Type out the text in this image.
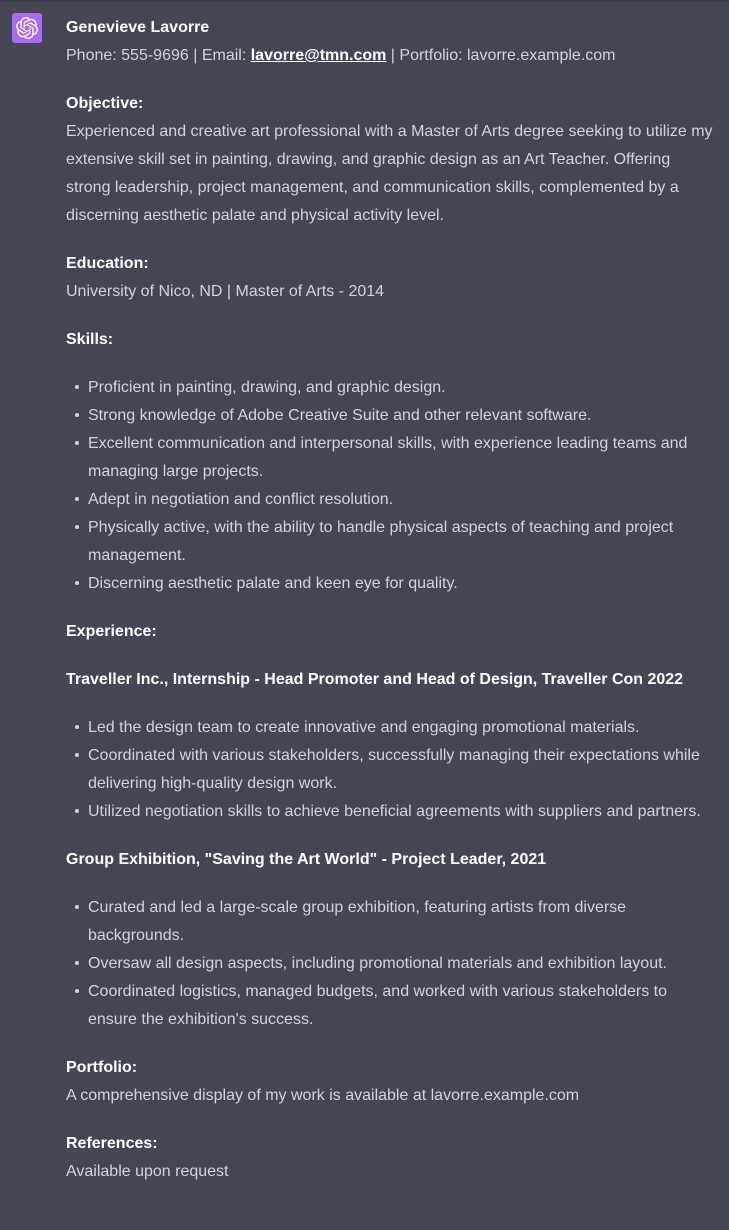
Genevieve Lavorre
Phone: 555-9696 | Email: lavorre@tmn.com | Portfolio: lavorre.example.com

Objective:
Experienced and creative art professional with a Master of Arts degree seeking to utilize my extensive skill set in painting, drawing, and graphic design as an Art Teacher. Offering strong leadership, project management, and communication skills, complemented by a discerning aesthetic palate and physical activity level.

Education:
University of Nico, ND | Master of Arts - 2014

Skills:

Proficient in painting, drawing, and graphic design.
Strong knowledge of Adobe Creative Suite and other relevant software.
Excellent communication and interpersonal skills, with experience leading teams and managing large projects.
Adept in negotiation and conflict resolution.
Physically active, with the ability to handle physical aspects of teaching and project management.
Discerning aesthetic palate and keen eye for quality.

Experience:

Traveller Inc., Internship - Head Promoter and Head of Design, Traveller Con 2022

Led the design team to create innovative and engaging promotional materials.
Coordinated with various stakeholders, successfully managing their expectations while delivering high-quality design work.
Utilized negotiation skills to achieve beneficial agreements with suppliers and partners.

Group Exhibition, "Saving the Art World" - Project Leader, 2021

Curated and led a large-scale group exhibition, featuring artists from diverse backgrounds.
Oversaw all design aspects, including promotional materials and exhibition layout.
Coordinated logistics, managed budgets, and worked with various stakeholders to ensure the exhibition's success.

Portfolio:
A comprehensive display of my work is available at lavorre.example.com

References:
Available upon request
